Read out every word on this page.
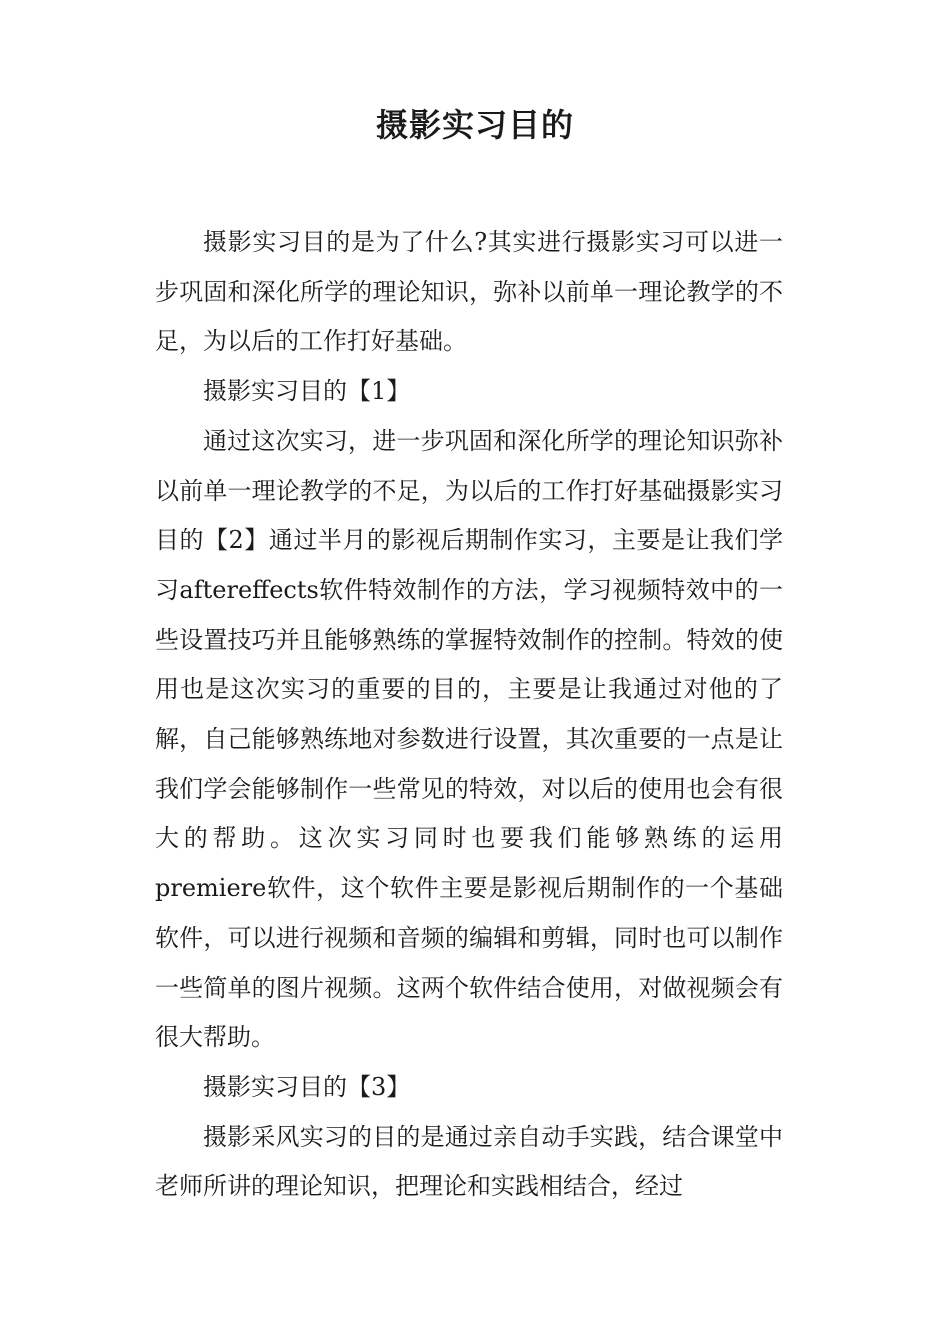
摄影实习目的

摄影实习目的是为了什么?其实进行摄影实习可以进一步巩固和深化所学的理论知识，弥补以前单一理论教学的不足，为以后的工作打好基础。

摄影实习目的【1】

通过这次实习，进一步巩固和深化所学的理论知识弥补以前单一理论教学的不足，为以后的工作打好基础摄影实习目的【2】通过半月的影视后期制作实习，主要是让我们学习aftereffects软件特效制作的方法，学习视频特效中的一些设置技巧并且能够熟练的掌握特效制作的控制。特效的使用也是这次实习的重要的目的，主要是让我通过对他的了解，自己能够熟练地对参数进行设置，其次重要的一点是让我们学会能够制作一些常见的特效，对以后的使用也会有很大的帮助。这次实习同时也要我们能够熟练的运用premiere软件，这个软件主要是影视后期制作的一个基础软件，可以进行视频和音频的编辑和剪辑，同时也可以制作一些简单的图片视频。这两个软件结合使用，对做视频会有很大帮助。

摄影实习目的【3】

摄影采风实习的目的是通过亲自动手实践，结合课堂中老师所讲的理论知识，把理论和实践相结合，经过
